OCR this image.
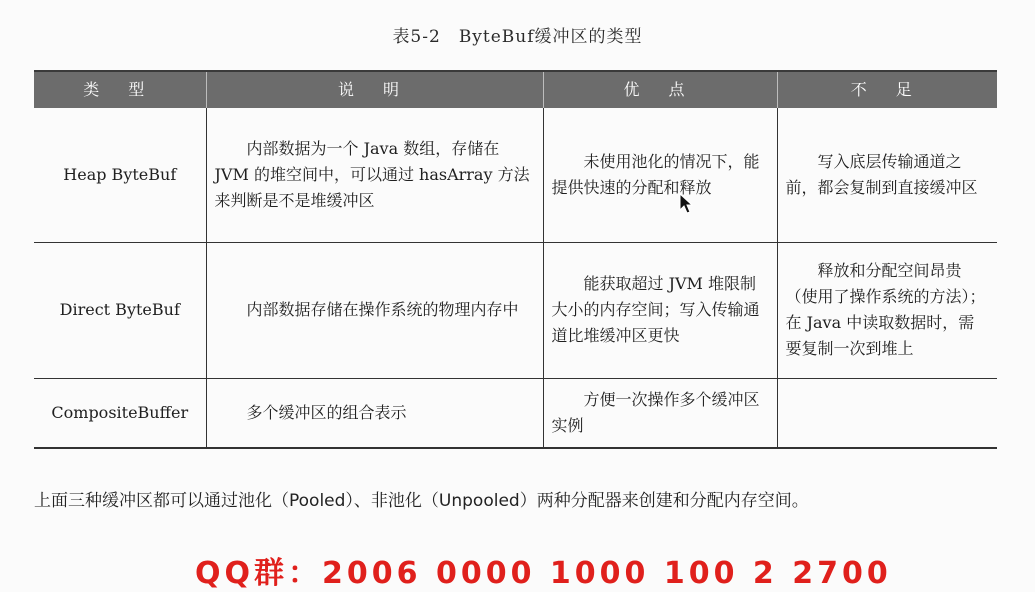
表5-2　ByteBuf缓冲区的类型
类 型	说 明	优 点	不 足
Heap ByteBuf	内部数据为一个 Java 数组，存储在 JVM 的堆空间中，可以通过 hasArray 方法来判断是不是堆缓冲区	未使用池化的情况下，能提供快速的分配和释放	写入底层传输通道之前，都会复制到直接缓冲区
Direct ByteBuf	内部数据存储在操作系统的物理内存中	能获取超过 JVM 堆限制大小的内存空间；写入传输通道比堆缓冲区更快	释放和分配空间昂贵（使用了操作系统的方法）；在 Java 中读取数据时，需要复制一次到堆上
CompositeBuffer	多个缓冲区的组合表示	方便一次操作多个缓冲区实例	
上面三种缓冲区都可以通过池化（Pooled）、非池化（Unpooled）两种分配器来创建和分配内存空间。
QQ群：2006 0000 1000 100 2 2700
